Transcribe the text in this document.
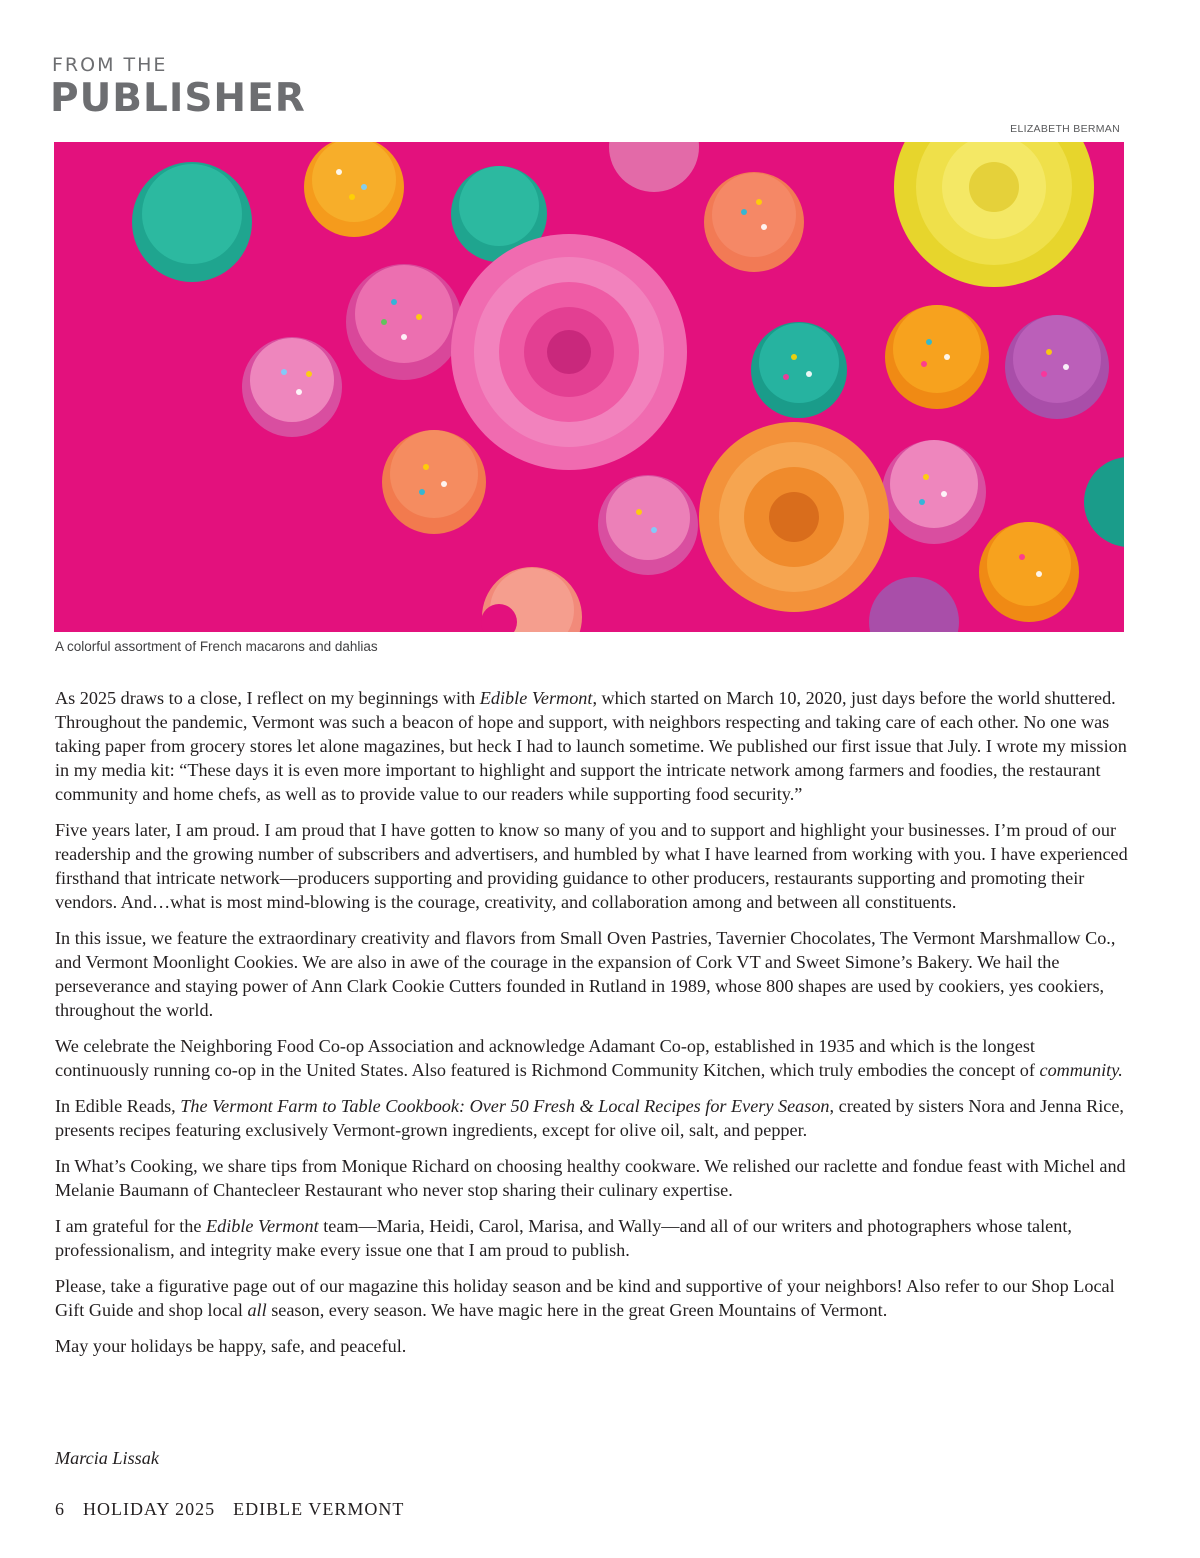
FROM THE
PUBLISHER
ELIZABETH BERMAN
A colorful assortment of French macarons and dahlias

As 2025 draws to a close, I reflect on my beginnings with Edible Vermont, which started on March 10, 2020, just days before the world shuttered. Throughout the pandemic, Vermont was such a beacon of hope and support, with neighbors respecting and taking care of each other. No one was taking paper from grocery stores let alone magazines, but heck I had to launch sometime. We published our first issue that July. I wrote my mission in my media kit: “These days it is even more important to highlight and support the intricate network among farmers and foodies, the restaurant community and home chefs, as well as to provide value to our readers while supporting food security.”

Five years later, I am proud. I am proud that I have gotten to know so many of you and to support and highlight your businesses. I’m proud of our readership and the growing number of subscribers and advertisers, and humbled by what I have learned from working with you. I have experienced firsthand that intricate network—producers supporting and providing guidance to other producers, restaurants supporting and promoting their vendors. And…what is most mind-blowing is the courage, creativity, and collaboration among and between all constituents.

In this issue, we feature the extraordinary creativity and flavors from Small Oven Pastries, Tavernier Chocolates, The Vermont Marshmallow Co., and Vermont Moonlight Cookies. We are also in awe of the courage in the expansion of Cork VT and Sweet Simone’s Bakery. We hail the perseverance and staying power of Ann Clark Cookie Cutters founded in Rutland in 1989, whose 800 shapes are used by cookiers, yes cookiers, throughout the world.

We celebrate the Neighboring Food Co-op Association and acknowledge Adamant Co-op, established in 1935 and which is the longest continuously running co-op in the United States. Also featured is Richmond Community Kitchen, which truly embodies the concept of community.

In Edible Reads, The Vermont Farm to Table Cookbook: Over 50 Fresh & Local Recipes for Every Season, created by sisters Nora and Jenna Rice, presents recipes featuring exclusively Vermont-grown ingredients, except for olive oil, salt, and pepper.

In What’s Cooking, we share tips from Monique Richard on choosing healthy cookware. We relished our raclette and fondue feast with Michel and Melanie Baumann of Chantecleer Restaurant who never stop sharing their culinary expertise.

I am grateful for the Edible Vermont team—Maria, Heidi, Carol, Marisa, and Wally—and all of our writers and photographers whose talent, professionalism, and integrity make every issue one that I am proud to publish.

Please, take a figurative page out of our magazine this holiday season and be kind and supportive of your neighbors! Also refer to our Shop Local Gift Guide and shop local all season, every season. We have magic here in the great Green Mountains of Vermont.

May your holidays be happy, safe, and peaceful.

Marcia Lissak
6 HOLIDAY 2025 EDIBLE VERMONT
